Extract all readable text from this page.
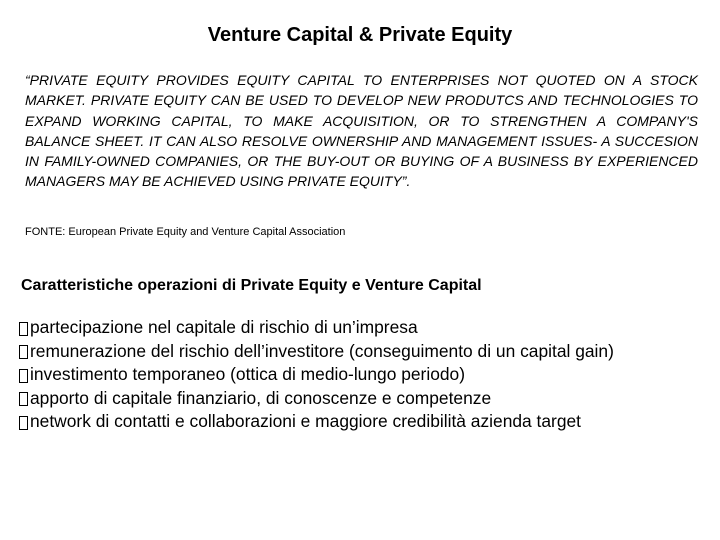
Venture Capital & Private Equity

“PRIVATE EQUITY PROVIDES EQUITY CAPITAL TO ENTERPRISES NOT QUOTED ON A STOCK MARKET. PRIVATE EQUITY CAN BE USED TO DEVELOP NEW PRODUTCS AND TECHNOLOGIES TO EXPAND WORKING CAPITAL, TO MAKE ACQUISITION, OR TO STRENGTHEN A COMPANY'S BALANCE SHEET. IT CAN ALSO RESOLVE OWNERSHIP AND MANAGEMENT ISSUES- A SUCCESION IN FAMILY-OWNED COMPANIES, OR THE BUY-OUT OR BUYING OF A BUSINESS BY EXPERIENCED MANAGERS MAY BE ACHIEVED USING PRIVATE EQUITY”.

FONTE: European Private Equity and Venture Capital Association
Caratteristiche operazioni di Private Equity e Venture Capital
partecipazione nel capitale di rischio di un’impresa
remunerazione del rischio dell’investitore (conseguimento di un capital gain)
investimento temporaneo (ottica di medio-lungo periodo)
apporto di capitale finanziario, di conoscenze e competenze
network di contatti e collaborazioni e maggiore credibilità azienda target
